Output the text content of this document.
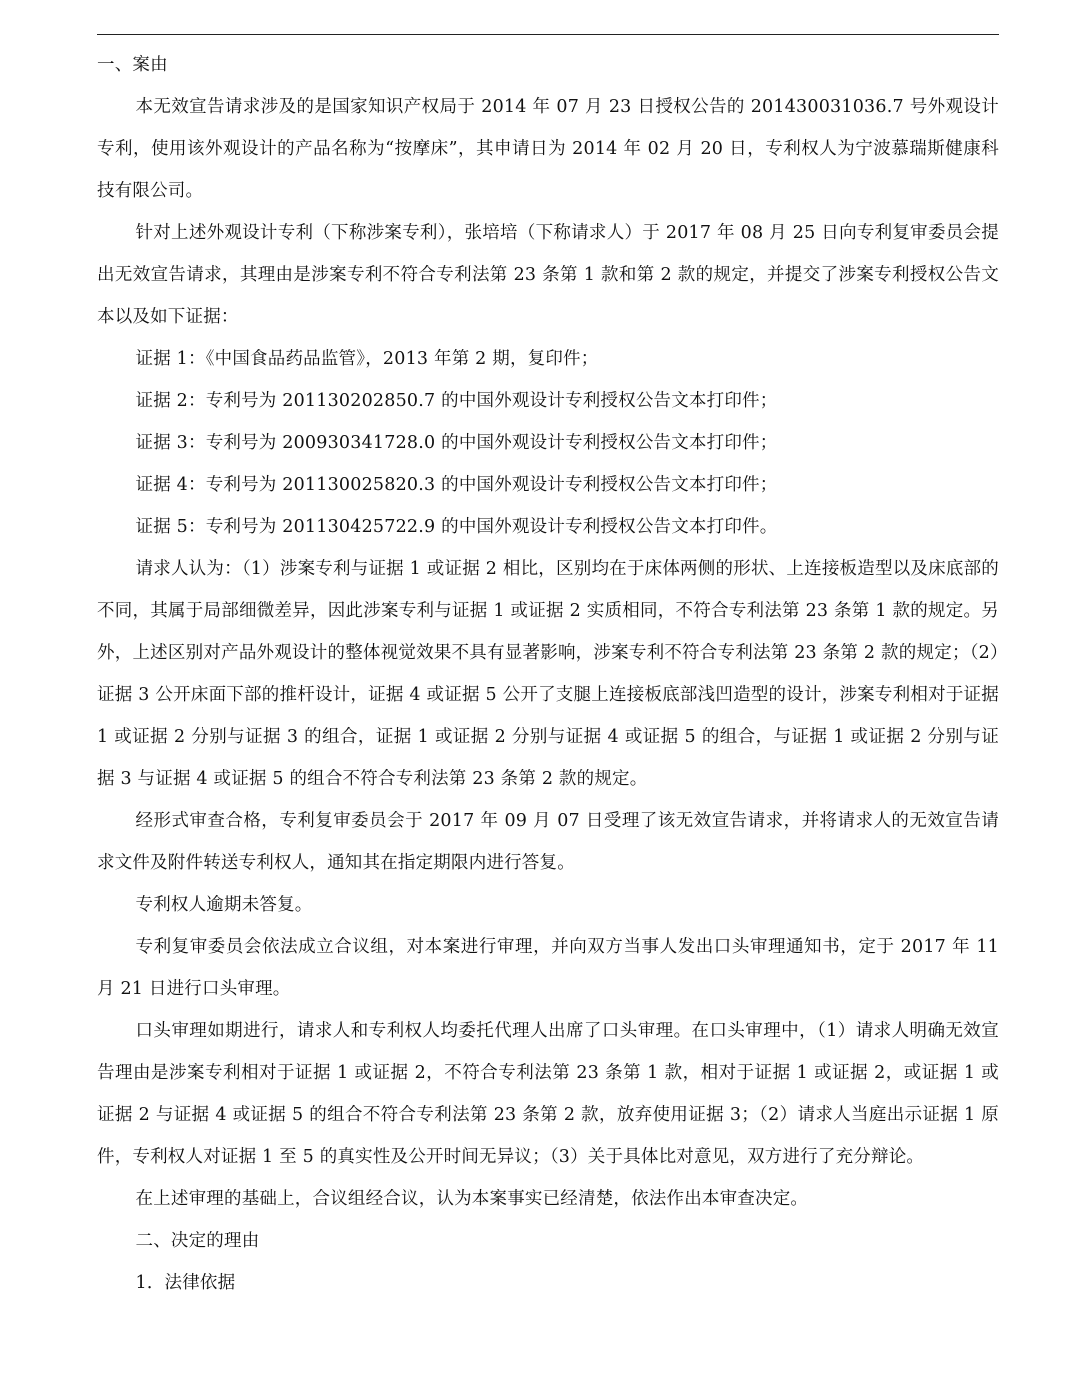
一、案由

本无效宣告请求涉及的是国家知识产权局于 2014 年 07 月 23 日授权公告的 201430031036.7 号外观设计专利，使用该外观设计的产品名称为“按摩床”，其申请日为 2014 年 02 月 20 日，专利权人为宁波慕瑞斯健康科技有限公司。

针对上述外观设计专利（下称涉案专利），张培培（下称请求人）于 2017 年 08 月 25 日向专利复审委员会提出无效宣告请求，其理由是涉案专利不符合专利法第 23 条第 1 款和第 2 款的规定，并提交了涉案专利授权公告文本以及如下证据：

证据 1：《中国食品药品监管》，2013 年第 2 期，复印件；

证据 2：专利号为 201130202850.7 的中国外观设计专利授权公告文本打印件；

证据 3：专利号为 200930341728.0 的中国外观设计专利授权公告文本打印件；

证据 4：专利号为 201130025820.3 的中国外观设计专利授权公告文本打印件；

证据 5：专利号为 201130425722.9 的中国外观设计专利授权公告文本打印件。

请求人认为：（1）涉案专利与证据 1 或证据 2 相比，区别均在于床体两侧的形状、上连接板造型以及床底部的不同，其属于局部细微差异，因此涉案专利与证据 1 或证据 2 实质相同，不符合专利法第 23 条第 1 款的规定。另外，上述区别对产品外观设计的整体视觉效果不具有显著影响，涉案专利不符合专利法第 23 条第 2 款的规定；（2）证据 3 公开床面下部的推杆设计，证据 4 或证据 5 公开了支腿上连接板底部浅凹造型的设计，涉案专利相对于证据 1 或证据 2 分别与证据 3 的组合，证据 1 或证据 2 分别与证据 4 或证据 5 的组合，与证据 1 或证据 2 分别与证据 3 与证据 4 或证据 5 的组合不符合专利法第 23 条第 2 款的规定。

经形式审查合格，专利复审委员会于 2017 年 09 月 07 日受理了该无效宣告请求，并将请求人的无效宣告请求文件及附件转送专利权人，通知其在指定期限内进行答复。

专利权人逾期未答复。

专利复审委员会依法成立合议组，对本案进行审理，并向双方当事人发出口头审理通知书，定于 2017 年 11 月 21 日进行口头审理。

口头审理如期进行，请求人和专利权人均委托代理人出席了口头审理。在口头审理中，（1）请求人明确无效宣告理由是涉案专利相对于证据 1 或证据 2，不符合专利法第 23 条第 1 款，相对于证据 1 或证据 2，或证据 1 或证据 2 与证据 4 或证据 5 的组合不符合专利法第 23 条第 2 款，放弃使用证据 3；（2）请求人当庭出示证据 1 原件，专利权人对证据 1 至 5 的真实性及公开时间无异议；（3）关于具体比对意见，双方进行了充分辩论。

在上述审理的基础上，合议组经合议，认为本案事实已经清楚，依法作出本审查决定。

二、决定的理由

1．法律依据
